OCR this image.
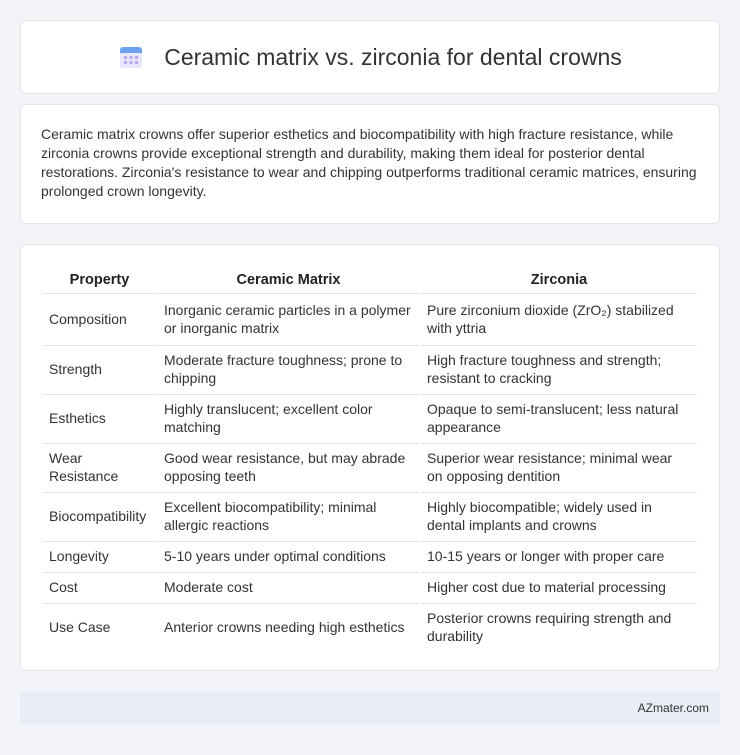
Ceramic matrix vs. zirconia for dental crowns

Ceramic matrix crowns offer superior esthetics and biocompatibility with high fracture resistance, while zirconia crowns provide exceptional strength and durability, making them ideal for posterior dental restorations. Zirconia's resistance to wear and chipping outperforms traditional ceramic matrices, ensuring prolonged crown longevity.

Property	Ceramic Matrix	Zirconia
Composition	Inorganic ceramic particles in a polymer or inorganic matrix	Pure zirconium dioxide (ZrO₂) stabilized with yttria
Strength	Moderate fracture toughness; prone to chipping	High fracture toughness and strength; resistant to cracking
Esthetics	Highly translucent; excellent color matching	Opaque to semi-translucent; less natural appearance
Wear Resistance	Good wear resistance, but may abrade opposing teeth	Superior wear resistance; minimal wear on opposing dentition
Biocompatibility	Excellent biocompatibility; minimal allergic reactions	Highly biocompatible; widely used in dental implants and crowns
Longevity	5-10 years under optimal conditions	10-15 years or longer with proper care
Cost	Moderate cost	Higher cost due to material processing
Use Case	Anterior crowns needing high esthetics	Posterior crowns requiring strength and durability
AZmater.com
